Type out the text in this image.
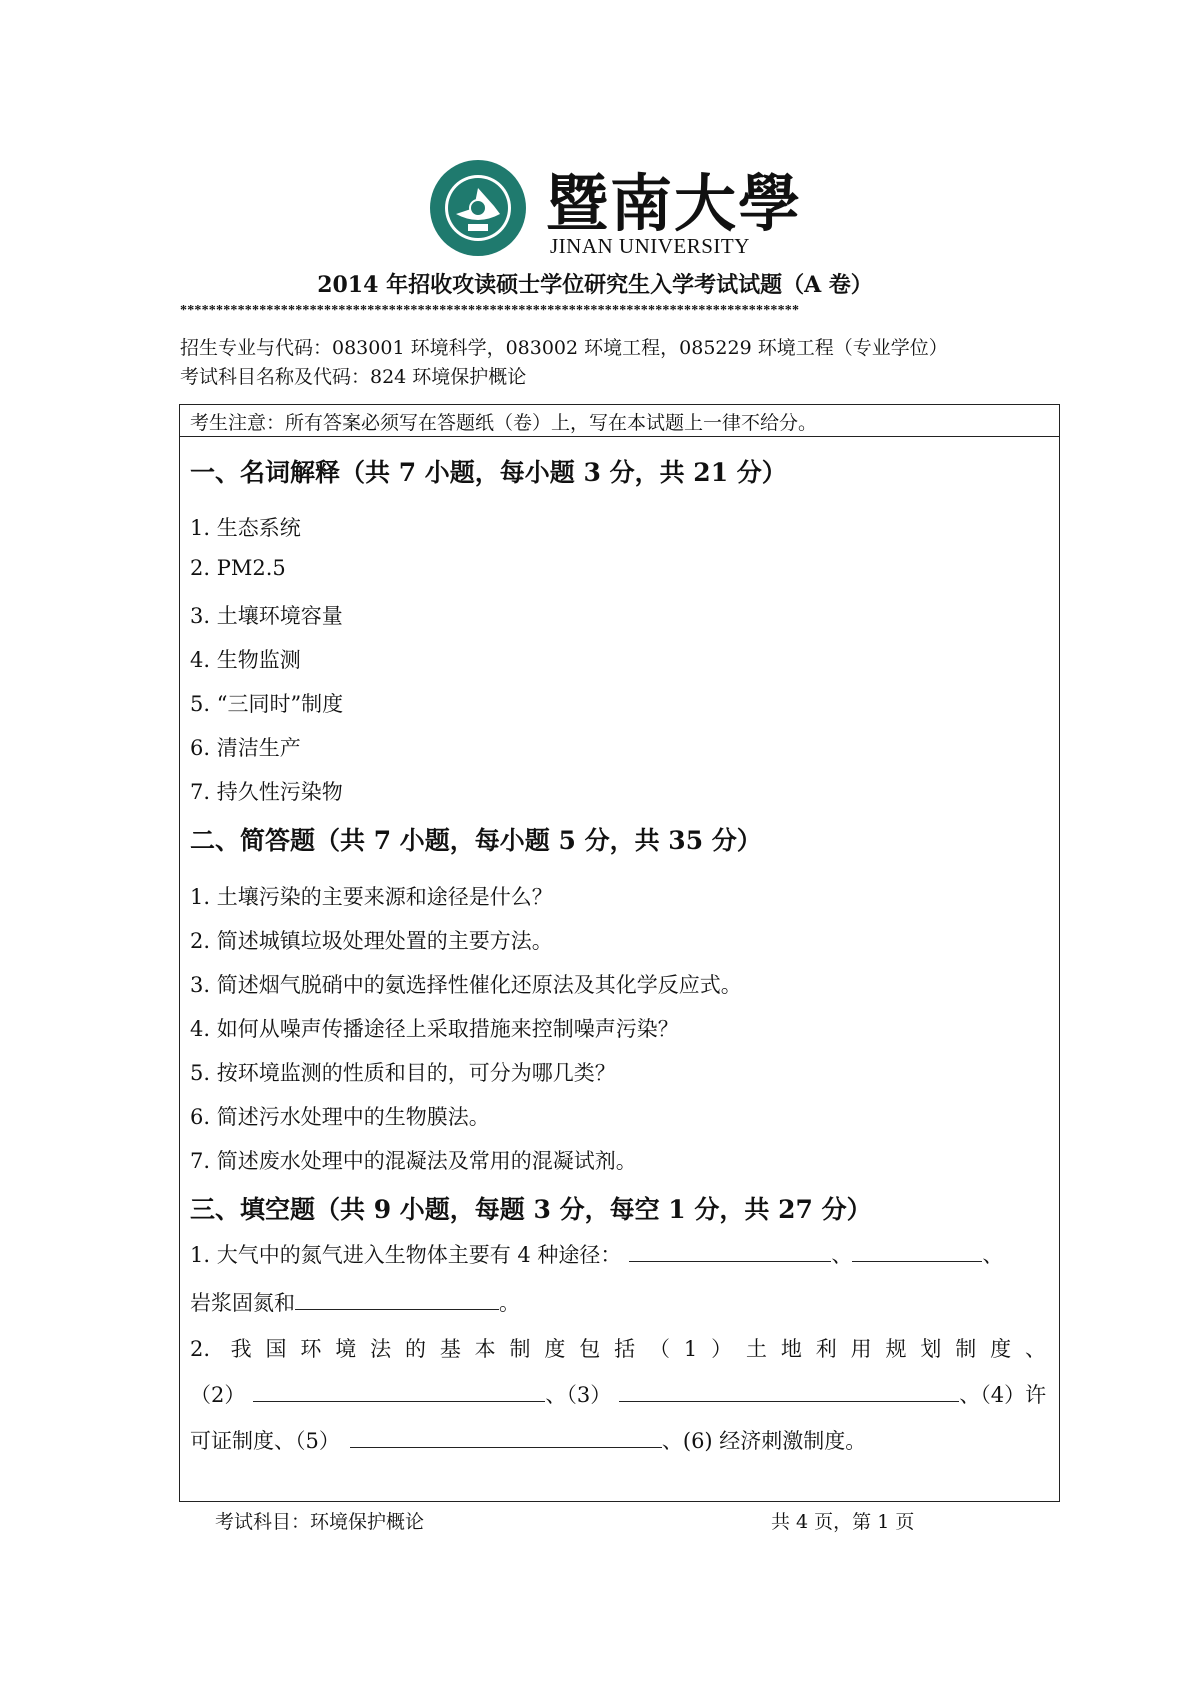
暨南大學
JINAN UNIVERSITY
2014 年招收攻读硕士学位研究生入学考试试题（A 卷）
**************************************************************************************
招生专业与代码：083001 环境科学，083002 环境工程，085229 环境工程（专业学位）
考试科目名称及代码：824 环境保护概论
考生注意：所有答案必须写在答题纸（卷）上，写在本试题上一律不给分。
一、名词解释（共 7 小题，每小题 3 分，共 21 分）
1. 生态系统
2. PM2.5
3. 土壤环境容量
4. 生物监测
5. “三同时”制度
6. 清洁生产
7. 持久性污染物
二、简答题（共 7 小题，每小题 5 分，共 35 分）
1. 土壤污染的主要来源和途径是什么？
2. 简述城镇垃圾处理处置的主要方法。
3. 简述烟气脱硝中的氨选择性催化还原法及其化学反应式。
4. 如何从噪声传播途径上采取措施来控制噪声污染？
5. 按环境监测的性质和目的，可分为哪几类？
6. 简述污水处理中的生物膜法。
7. 简述废水处理中的混凝法及常用的混凝试剂。
三、填空题（共 9 小题，每题 3 分，每空 1 分，共 27 分）
1. 大气中的氮气进入生物体主要有 4 种途径：	、	、
岩浆固氮和	。
2. 我国环境法的基本制度包括（1）土地利用规划制度、
（2）	、（3）	、（4）许
可证制度、（5）	、(6) 经济刺激制度。
考试科目：环境保护概论	共 4 页，第 1 页
